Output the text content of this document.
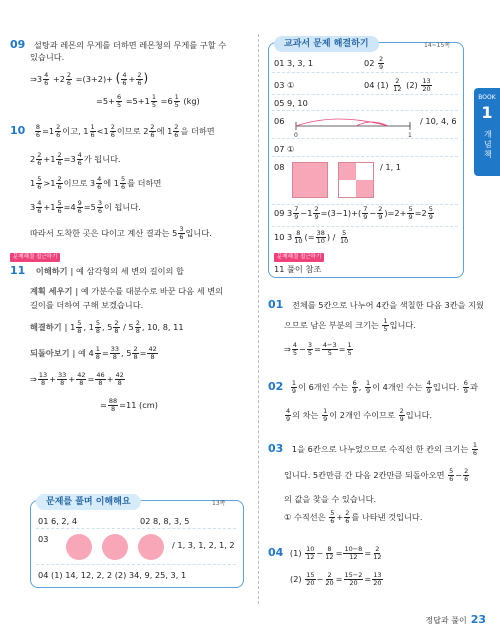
BOOK
1
개념책
09 설탕과 레몬의 무게를 더하면 레몬청의 무게를 구할 수
있습니다.
⇒3 $\frac{4}{6} +2 \frac{2}{6} =(3+2)+$ ( $\frac{4}{6} + \frac{2}{6}$ )
$=5+ \frac{6}{5} =5+1 \frac{1}{5} =6 \frac{1}{5} (kg)$
$10 \frac{8}{6} =1 \frac{2}{6}$ 이고, $1 \frac{1}{6} <1 \frac{2}{6}$ 이므로 $2 \frac{2}{6}$ 에 $1 \frac{2}{6}$ 을 더하면
$2 \frac{2}{6} +1 \frac{2}{6} =3 \frac{4}{6}$ 가 됩니다.
$1 \frac{5}{6} >1 \frac{2}{6}$ 이므로 $3 \frac{4}{6}$ 에 $1 \frac{5}{6}$ 를 더하면
$3 \frac{4}{6} +1 \frac{5}{6} =4 \frac{9}{6} =5 \frac{3}{6}$ 이 됩니다.
따라서 도착한 곳은 다이고 계산 결과는 $5 \frac{3}{6}$ 입니다.
문제해결 접근하기
11 이해하기 | 예 삼각형의 세 변의 길이의 합
계획 세우기 | 예 가분수를 대분수로 바꾼 다음 세 변의
길이를 더하여 구해 보겠습니다.
해결하기 | $1 \frac{5}{8}$ , $1 \frac{5}{8}$ , $5 \frac{2}{8} / 5 \frac{2}{8}$ , 10, 8, 11
되돌아보기 | 예 $4 \frac{1}{8} = \frac{33}{8}$ , $5 \frac{2}{8} = \frac{42}{8}$
⇒ $\frac{13}{8} + \frac{33}{8} + \frac{42}{8} = \frac{46}{8} + \frac{42}{8}$
= $\frac{88}{8} =11$ (cm)
문제를 풀며 이해해요	13쪽
01 6, 2, 4	02 8, 8, 3, 5
03
/ 1, 3, 1, 2, 1, 2
04 (1) 14, 12, 2, 2 (2) 34, 9, 25, 3, 1
교과서 문제 해결하기	14~15쪽
01 3, 3, 1	$02 \frac{2}{9}$
03 ①	04 $(1) \frac{2}{12} (2) \frac{13}{20}$
05 9, 10
06
0	1
/ 10, 4, 6
07 ①
08	/ 1, 1
09 $3 \frac{7}{9} -1 \frac{2}{9} =(3-1)+( \frac{7}{9} - \frac{2}{9} )=2+ \frac{5}{9} =2 \frac{5}{9}$
10 $3 \frac{8}{10}$ (= $\frac{38}{10}$ ) / $\frac{5}{10}$
문제해결 접근하기
11 풀이 참조
01 전체를 5칸으로 나누어 4칸을 색칠한 다음 3칸을 지웠
으므로 남은 부분의 크기는 $\frac{1}{5}$ 입니다.
⇒ $\frac{4}{5} - \frac{3}{5} = \frac{4-3}{5} = \frac{1}{5}$
$02 \frac{1}{9}$ 이 6개인 수는 $\frac{6}{9}$ , $\frac{1}{9}$ 이 4개인 수는 $\frac{4}{9}$ 입니다. $\frac{6}{9}$ 과
$\frac{4}{9}$ 의 차는 $\frac{1}{9}$ 이 2개인 수이므로 $\frac{2}{9}$ 입니다.
03 1을 6칸으로 나누었으므로 수직선 한 칸의 크기는 $\frac{1}{6}$
입니다. 5칸만큼 간 다음 2칸만큼 되돌아오면 $\frac{5}{6} - \frac{2}{6}$
의 값을 찾을 수 있습니다.
① 수직선은 $\frac{5}{6} + \frac{2}{6}$ 를 나타낸 것입니다.
04 $(1) \frac{10}{12} - \frac{8}{12} = \frac{10-8}{12} = \frac{2}{12}$
$(2) \frac{15}{20} - \frac{2}{20} = \frac{15-2}{20} = \frac{13}{20}$
정답과 풀이 23
